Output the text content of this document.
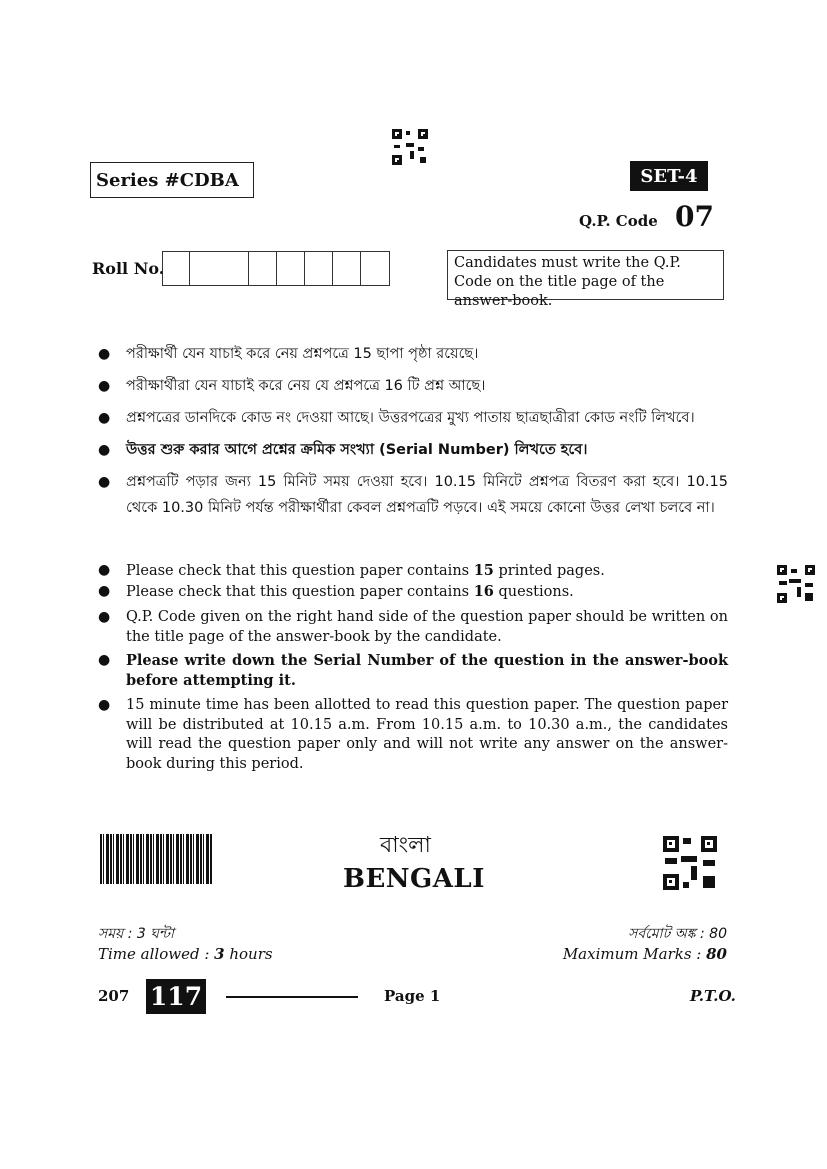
Series #CDBA	SET-4
Q.P. Code 07
Roll No.	Candidates must write the Q.P. Code on the title page of the answer-book.
● পরীক্ষার্থী যেন যাচাই করে নেয় প্রশ্নপত্রে 15 ছাপা পৃষ্ঠা রয়েছে।
● পরীক্ষার্থীরা যেন যাচাই করে নেয় যে প্রশ্নপত্রে 16 টি প্রশ্ন আছে।
● প্রশ্নপত্রের ডানদিকে কোড নং দেওয়া আছে। উত্তরপত্রের মুখ্য পাতায় ছাত্রছাত্রীরা কোড নংটি লিখবে।
● উত্তর শুরু করার আগে প্রশ্নের ক্রমিক সংখ্যা (Serial Number) লিখতে হবে।
● প্রশ্নপত্রটি পড়ার জন্য 15 মিনিট সময় দেওয়া হবে। 10.15 মিনিটে প্রশ্নপত্র বিতরণ করা হবে। 10.15 থেকে 10.30 মিনিট পর্যন্ত পরীক্ষার্থীরা কেবল প্রশ্নপত্রটি পড়বে। এই সময়ে কোনো উত্তর লেখা চলবে না।
● Please check that this question paper contains 15 printed pages.
● Please check that this question paper contains 16 questions.
● Q.P. Code given on the right hand side of the question paper should be written on the title page of the answer-book by the candidate.
● Please write down the Serial Number of the question in the answer-book before attempting it.
● 15 minute time has been allotted to read this question paper. The question paper will be distributed at 10.15 a.m. From 10.15 a.m. to 10.30 a.m., the candidates will read the question paper only and will not write any answer on the answer-book during this period.
বাংলা
BENGALI
সময় : 3 ঘন্টা
Time allowed : 3 hours
সর্বমোট অঙ্ক : 80
Maximum Marks : 80
207 117	Page 1	P.T.O.
